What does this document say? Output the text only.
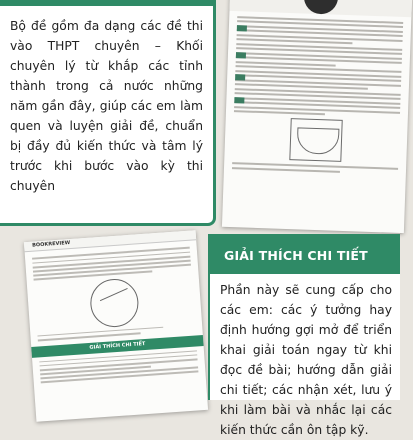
Bộ đề gồm đa dạng các đề thi vào THPT chuyên – Khối chuyên lý từ khắp các tỉnh thành trong cả nước những năm gần đây, giúp các em làm quen và luyện giải đề, chuẩn bị đầy đủ kiến thức và tâm lý trước khi bước vào kỳ thi chuyên

BOOKREVIEW
GIẢI THÍCH CHI TIẾT
GIẢI THÍCH CHI TIẾT

Phần này sẽ cung cấp cho các em: các ý tưởng hay định hướng gợi mở để triển khai giải toán ngay từ khi đọc đề bài; hướng dẫn giải chi tiết; các nhận xét, lưu ý khi làm bài và nhắc lại các kiến thức cần ôn tập kỹ.
